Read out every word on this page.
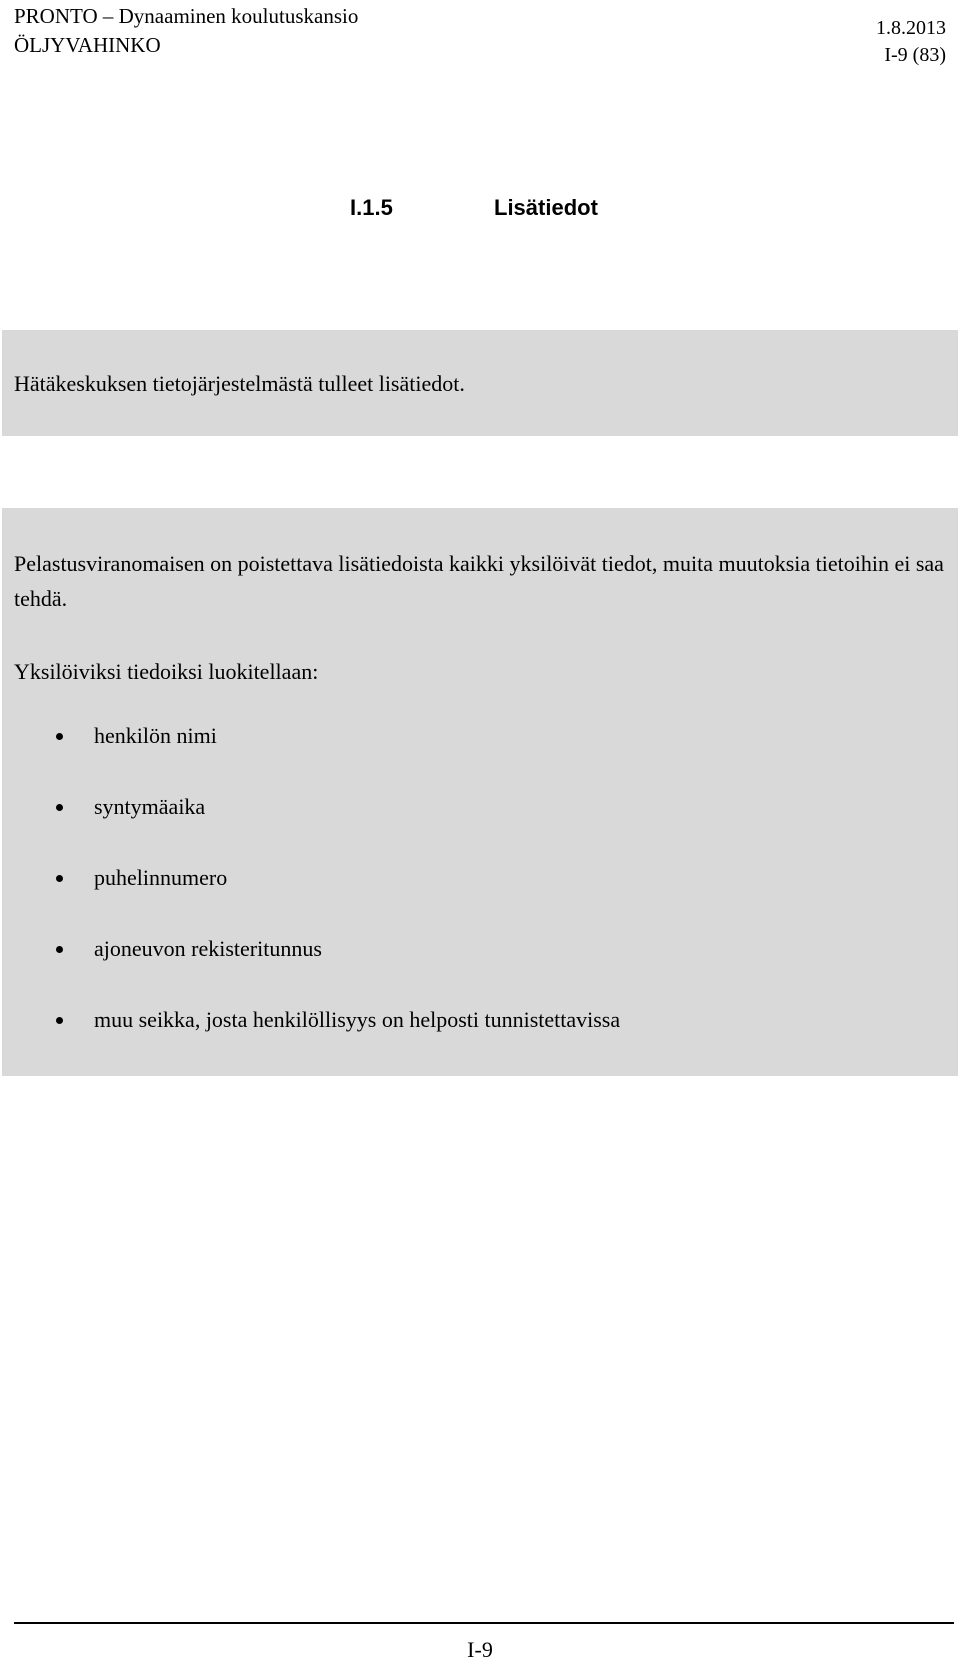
PRONTO – Dynaaminen koulutuskansio
ÖLJYVAHINKO
1.8.2013
I-9 (83)
I.1.5	Lisätiedot
Hätäkeskuksen tietojärjestelmästä tulleet lisätiedot.
Pelastusviranomaisen on poistettava lisätiedoista kaikki yksilöivät tiedot, muita muutoksia tietoihin ei saa tehdä.
Yksilöiviksi tiedoiksi luokitellaan:
henkilön nimi
syntymäaika
puhelinnumero
ajoneuvon rekisteritunnus
muu seikka, josta henkilöllisyys on helposti tunnistettavissa
I-9
